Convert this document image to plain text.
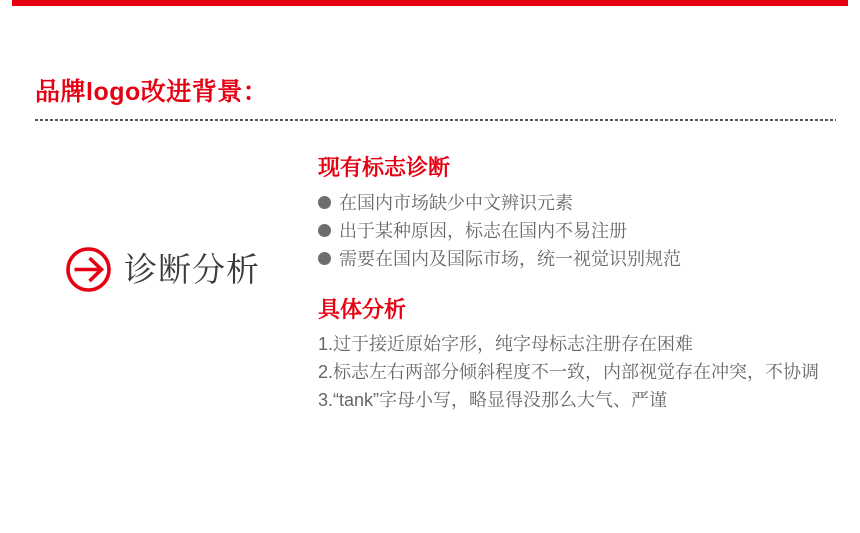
品牌logo改进背景：
诊断分析
现有标志诊断
在国内市场缺少中文辨识元素
出于某种原因，标志在国内不易注册
需要在国内及国际市场，统一视觉识别规范
具体分析
1.过于接近原始字形，纯字母标志注册存在困难
2.标志左右两部分倾斜程度不一致，内部视觉存在冲突，不协调
3.“tank”字母小写，略显得没那么大气、严谨
